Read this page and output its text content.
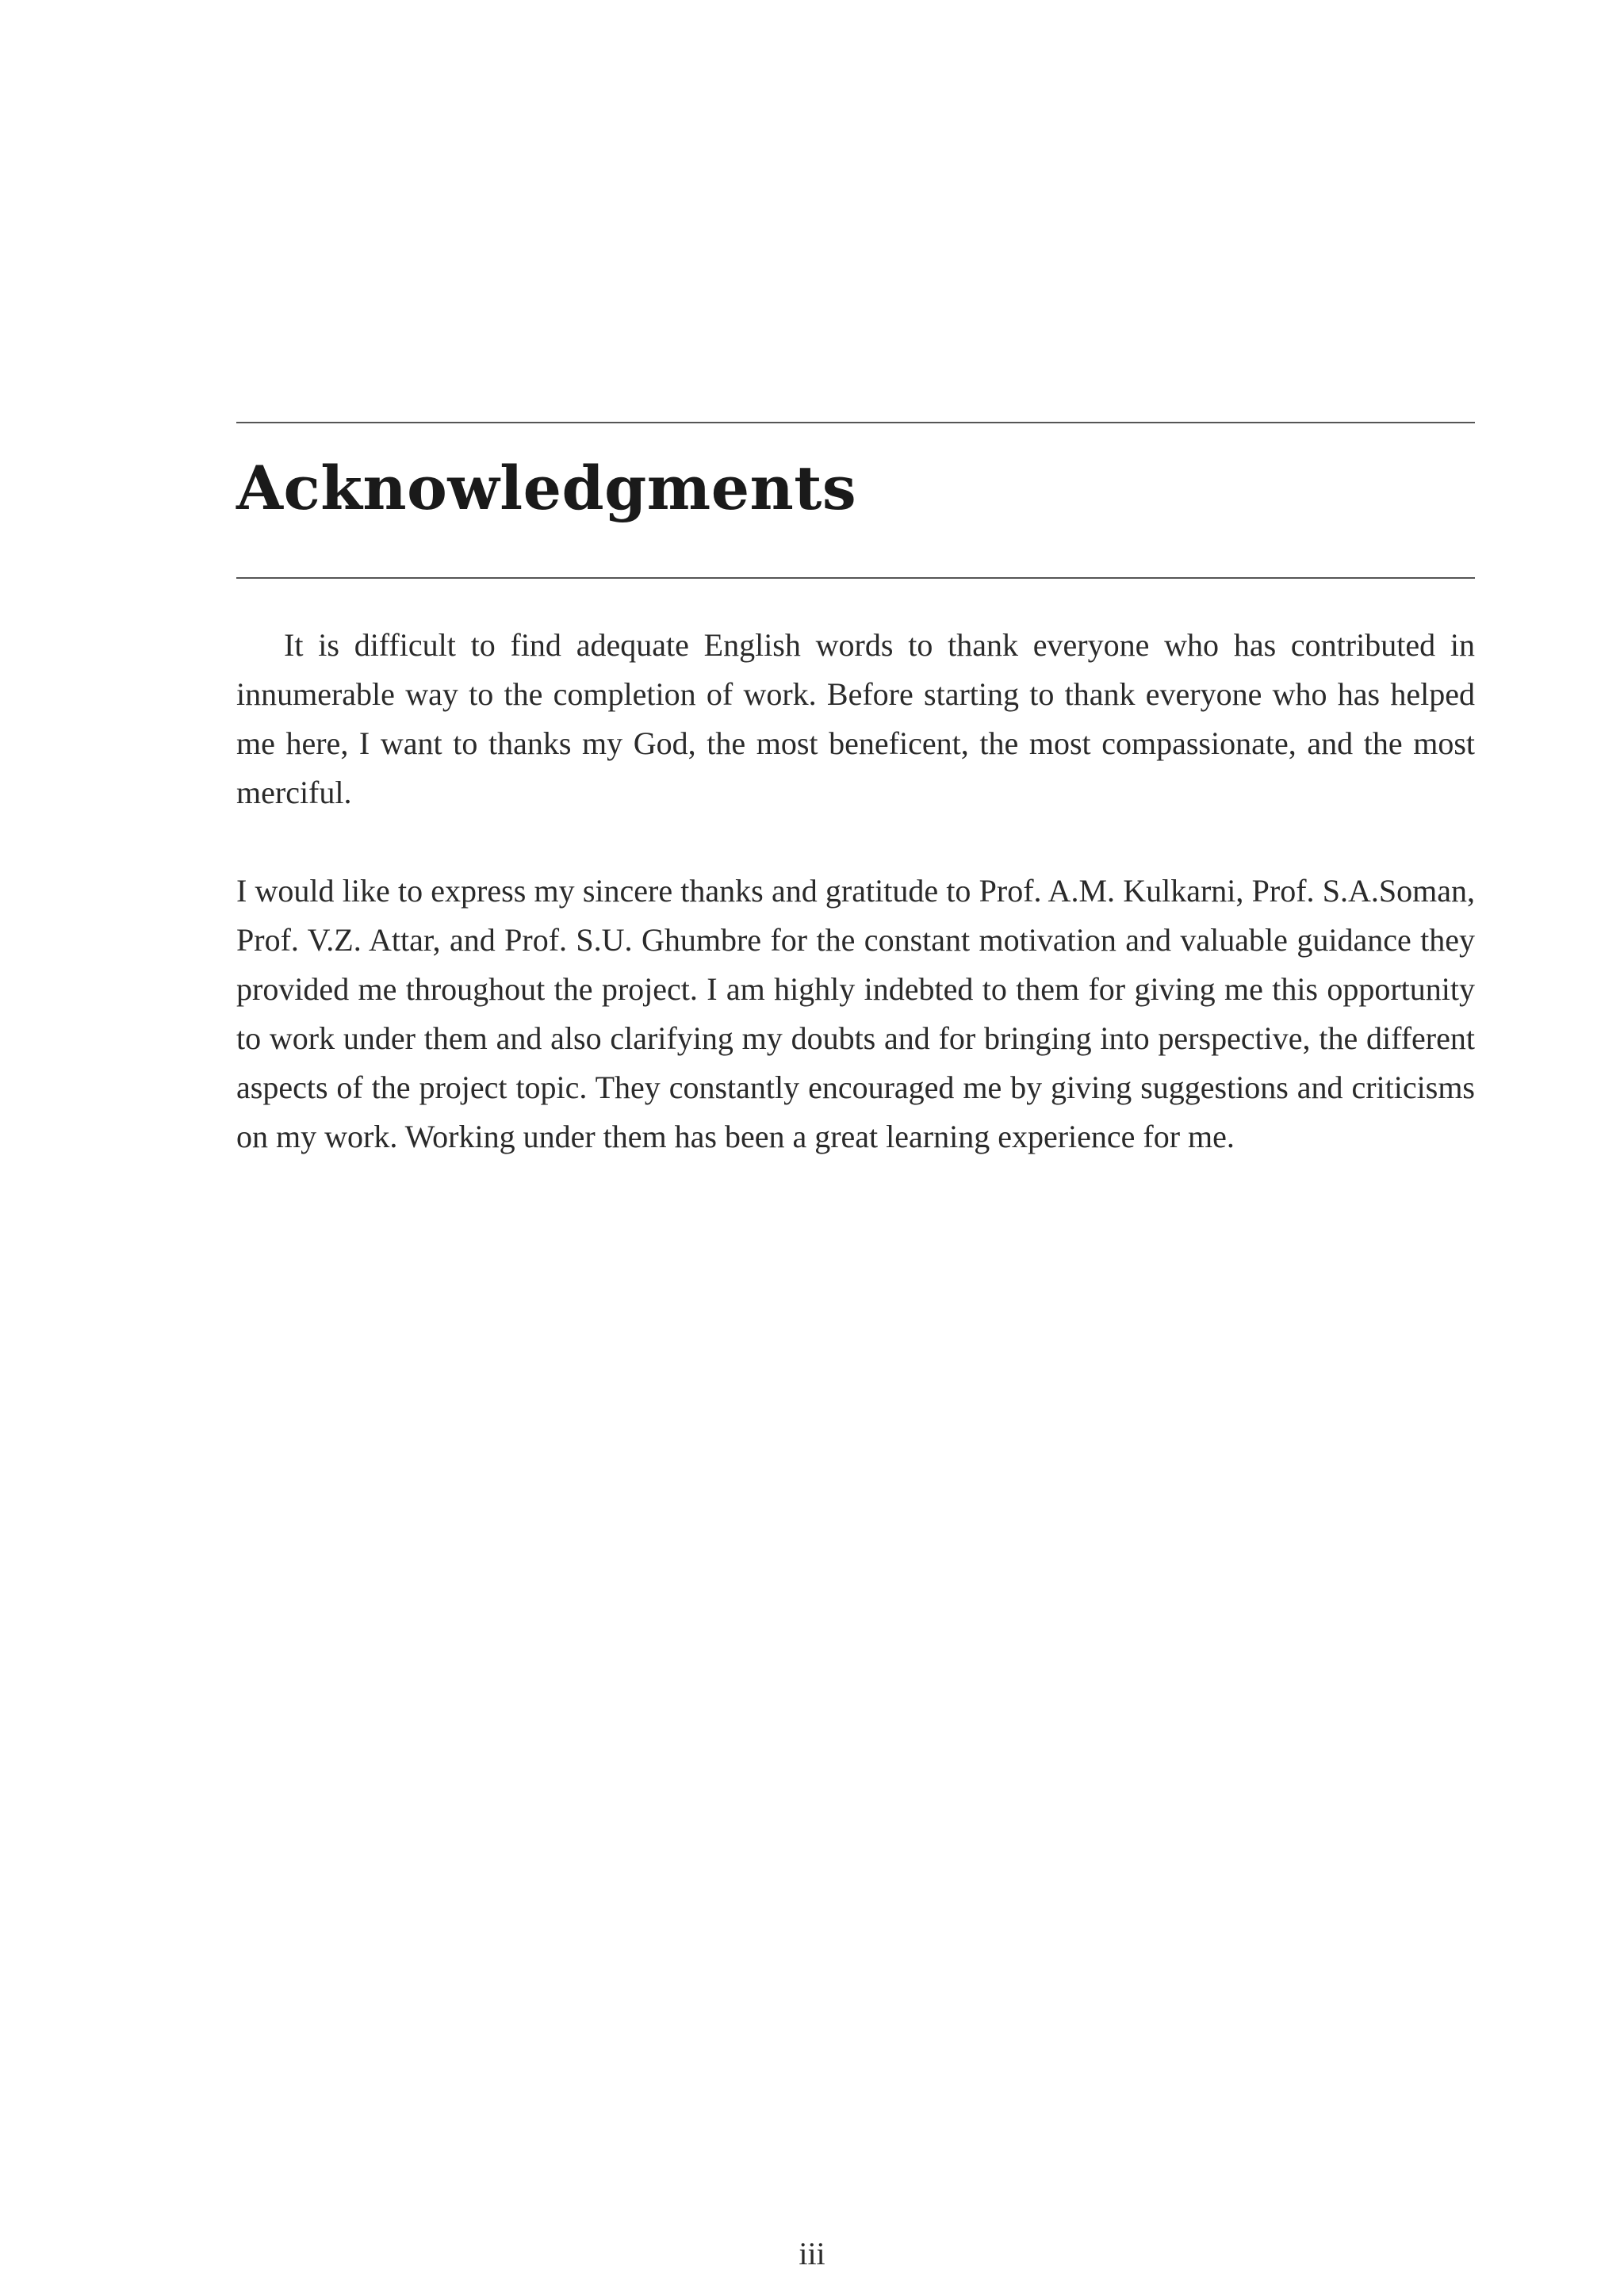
Acknowledgments

It is difficult to find adequate English words to thank everyone who has contributed in innumerable way to the completion of work. Before starting to thank everyone who has helped me here, I want to thanks my God, the most beneficent, the most compassionate, and the most merciful.

I would like to express my sincere thanks and gratitude to Prof. A.M. Kulkarni, Prof. S.A.Soman, Prof. V.Z. Attar, and Prof. S.U. Ghumbre for the constant motivation and valuable guidance they provided me throughout the project. I am highly indebted to them for giving me this opportunity to work under them and also clarifying my doubts and for bringing into perspective, the different aspects of the project topic. They constantly encouraged me by giving suggestions and criticisms on my work. Working under them has been a great learning experience for me.

iii
